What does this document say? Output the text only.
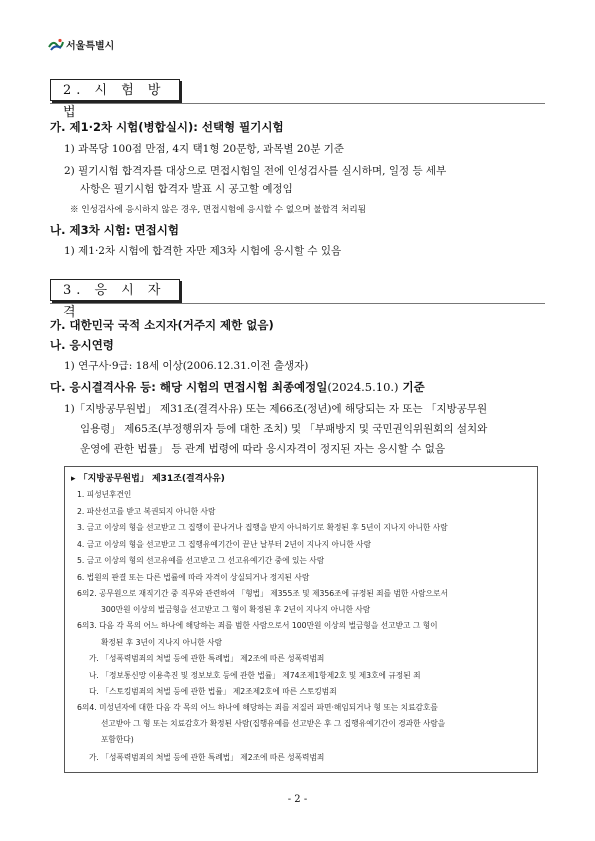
서울특별시
2. 시 험 방 법
가. 제1·2차 시험(병합실시): 선택형 필기시험
1) 과목당 100점 만점, 4지 택1형 20문항, 과목별 20분 기준
2) 필기시험 합격자를 대상으로 면접시험일 전에 인성검사를 실시하며, 일정 등 세부
사항은 필기시험 합격자 발표 시 공고할 예정임
※ 인성검사에 응시하지 않은 경우, 면접시험에 응시할 수 없으며 불합격 처리됨
나. 제3차 시험: 면접시험
1) 제1·2차 시험에 합격한 자만 제3차 시험에 응시할 수 있음
3. 응 시 자 격
가. 대한민국 국적 소지자(거주지 제한 없음)
나. 응시연령
1) 연구사·9급: 18세 이상(2006.12.31.이전 출생자)
다. 응시결격사유 등: 해당 시험의 면접시험 최종예정일(2024.5.10.) 기준
1)「지방공무원법」 제31조(결격사유) 또는 제66조(정년)에 해당되는 자 또는 「지방공무원
임용령」 제65조(부정행위자 등에 대한 조치) 및 「부패방지 및 국민권익위원회의 설치와
운영에 관한 법률」 등 관계 법령에 따라 응시자격이 정지된 자는 응시할 수 없음
▸ 「지방공무원법」 제31조(결격사유)
1. 피성년후견인
2. 파산선고를 받고 복권되지 아니한 사람
3. 금고 이상의 형을 선고받고 그 집행이 끝나거나 집행을 받지 아니하기로 확정된 후 5년이 지나지 아니한 사람
4. 금고 이상의 형을 선고받고 그 집행유예기간이 끝난 날부터 2년이 지나지 아니한 사람
5. 금고 이상의 형의 선고유예를 선고받고 그 선고유예기간 중에 있는 사람
6. 법원의 판결 또는 다른 법률에 따라 자격이 상실되거나 정지된 사람
6의2. 공무원으로 재직기간 중 직무와 관련하여 「형법」 제355조 및 제356조에 규정된 죄를 범한 사람으로서
300만원 이상의 벌금형을 선고받고 그 형이 확정된 후 2년이 지나지 아니한 사람
6의3. 다음 각 목의 어느 하나에 해당하는 죄를 범한 사람으로서 100만원 이상의 벌금형을 선고받고 그 형이
확정된 후 3년이 지나지 아니한 사람
가. 「성폭력범죄의 처벌 등에 관한 특례법」 제2조에 따른 성폭력범죄
나. 「정보통신망 이용촉진 및 정보보호 등에 관한 법률」 제74조제1항제2호 및 제3호에 규정된 죄
다. 「스토킹범죄의 처벌 등에 관한 법률」 제2조제2호에 따른 스토킹범죄
6의4. 미성년자에 대한 다음 각 목의 어느 하나에 해당하는 죄를 저질러 파면·해임되거나 형 또는 치료감호를
선고받아 그 형 또는 치료감호가 확정된 사람(집행유예를 선고받은 후 그 집행유예기간이 경과한 사람을
포함한다)
가. 「성폭력범죄의 처벌 등에 관한 특례법」 제2조에 따른 성폭력범죄
- 2 -
